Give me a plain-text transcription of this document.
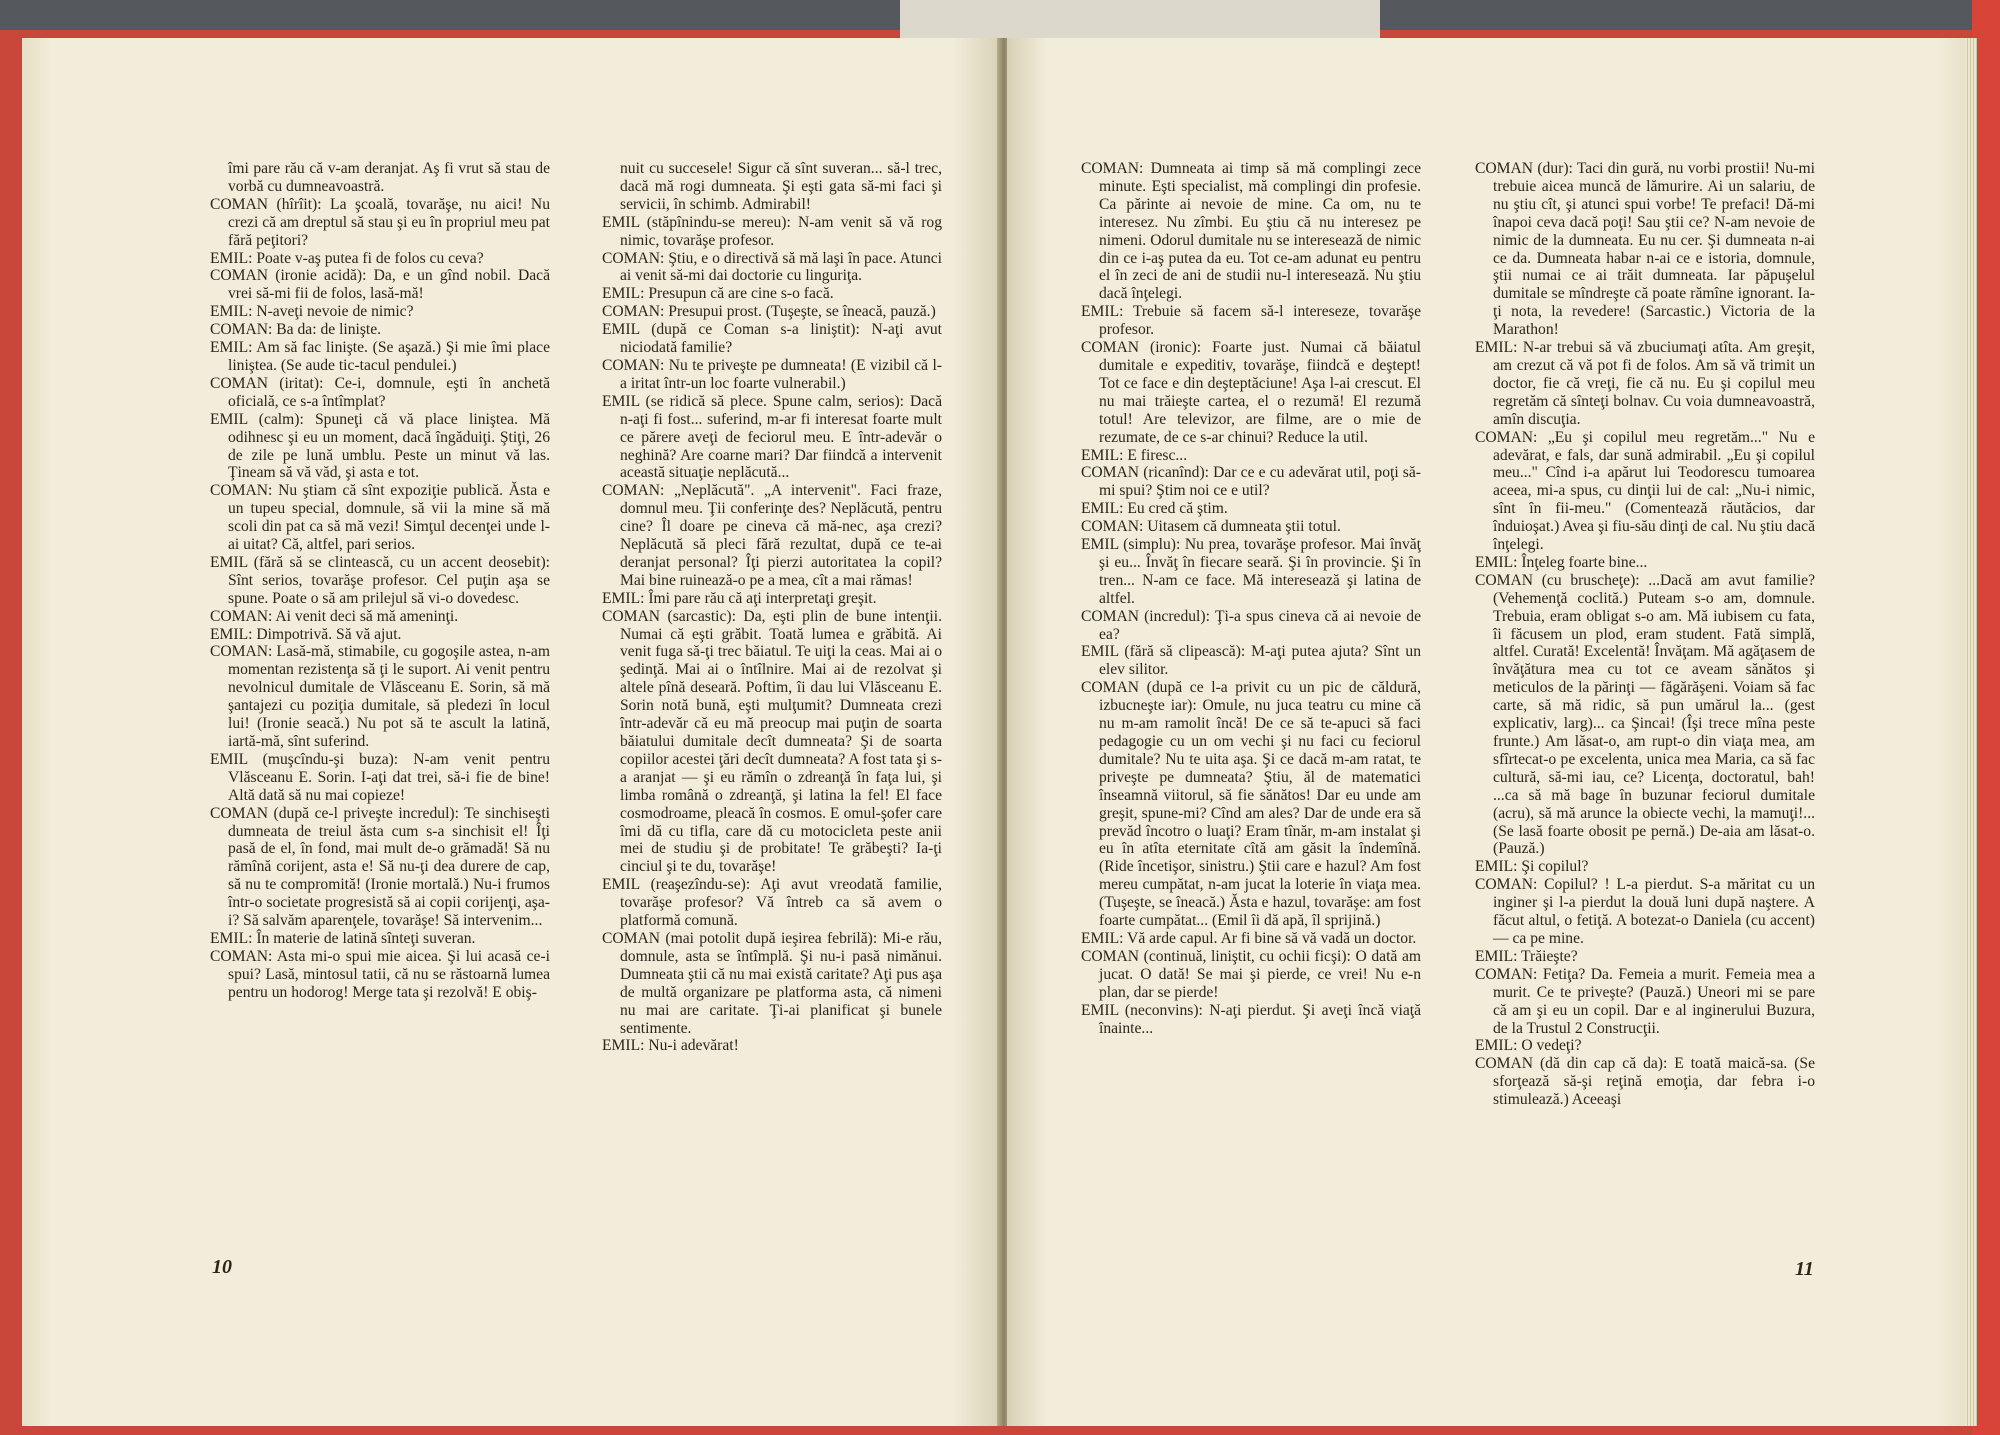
îmi pare rău că v-am deranjat. Aş fi vrut să stau de vorbă cu dumneavoastră.

COMAN (hîrîit): La şcoală, tovarăşe, nu aici! Nu crezi că am dreptul să stau şi eu în propriul meu pat fără peţitori?

EMIL: Poate v-aş putea fi de folos cu ceva?

COMAN (ironie acidă): Da, e un gînd nobil. Dacă vrei să-mi fii de folos, lasă-mă!

EMIL: N-aveţi nevoie de nimic?

COMAN: Ba da: de linişte.

EMIL: Am să fac linişte. (Se aşază.) Şi mie îmi place liniştea. (Se aude tic-tacul pendulei.)

COMAN (iritat): Ce-i, domnule, eşti în anchetă oficială, ce s-a întîmplat?

EMIL (calm): Spuneţi că vă place liniştea. Mă odihnesc şi eu un moment, dacă îngăduiţi. Ştiţi, 26 de zile pe lună umblu. Peste un minut vă las. Ţineam să vă văd, şi asta e tot.

COMAN: Nu ştiam că sînt expoziţie publică. Ăsta e un tupeu special, domnule, să vii la mine să mă scoli din pat ca să mă vezi! Simţul decenţei unde l-ai uitat? Că, altfel, pari serios.

EMIL (fără să se clintească, cu un accent deosebit): Sînt serios, tovarăşe profesor. Cel puţin aşa se spune. Poate o să am prilejul să vi-o dovedesc.

COMAN: Ai venit deci să mă ameninţi.

EMIL: Dimpotrivă. Să vă ajut.

COMAN: Lasă-mă, stimabile, cu gogoşile astea, n-am momentan rezistenţa să ţi le suport. Ai venit pentru nevolnicul dumitale de Vlăsceanu E. Sorin, să mă şantajezi cu poziţia dumitale, să pledezi în locul lui! (Ironie seacă.) Nu pot să te ascult la latină, iartă-mă, sînt suferind.

EMIL (muşcîndu-şi buza): N-am venit pentru Vlăsceanu E. Sorin. I-aţi dat trei, să-i fie de bine! Altă dată să nu mai copieze!

COMAN (după ce-l priveşte incredul): Te sinchiseşti dumneata de treiul ăsta cum s-a sinchisit el! Îţi pasă de el, în fond, mai mult de-o grămadă! Să nu rămînă corijent, asta e! Să nu-ţi dea durere de cap, să nu te compromită! (Ironie mortală.) Nu-i frumos într-o societate progresistă să ai copii corijenţi, aşa-i? Să salvăm aparenţele, tovarăşe! Să intervenim...

EMIL: În materie de latină sînteţi suveran.

COMAN: Asta mi-o spui mie aicea. Şi lui acasă ce-i spui? Lasă, mintosul tatii, că nu se răstoarnă lumea pentru un hodorog! Merge tata şi rezolvă! E obiş-

nuit cu succesele! Sigur că sînt suveran... să-l trec, dacă mă rogi dumneata. Şi eşti gata să-mi faci şi servicii, în schimb. Admirabil!

EMIL (stăpînindu-se mereu): N-am venit să vă rog nimic, tovarăşe profesor.

COMAN: Ştiu, e o directivă să mă laşi în pace. Atunci ai venit să-mi dai doctorie cu linguriţa.

EMIL: Presupun că are cine s-o facă.

COMAN: Presupui prost. (Tuşeşte, se îneacă, pauză.)

EMIL (după ce Coman s-a liniştit): N-aţi avut niciodată familie?

COMAN: Nu te priveşte pe dumneata! (E vizibil că l-a iritat într-un loc foarte vulnerabil.)

EMIL (se ridică să plece. Spune calm, serios): Dacă n-aţi fi fost... suferind, m-ar fi interesat foarte mult ce părere aveţi de feciorul meu. E într-adevăr o neghină? Are coarne mari? Dar fiindcă a intervenit această situaţie neplăcută...

COMAN: „Neplăcută". „A intervenit". Faci fraze, domnul meu. Ţii conferinţe des? Neplăcută, pentru cine? Îl doare pe cineva că mă-nec, aşa crezi? Neplăcută să pleci fără rezultat, după ce te-ai deranjat personal? Îţi pierzi autoritatea la copil? Mai bine ruinează-o pe a mea, cît a mai rămas!

EMIL: Îmi pare rău că aţi interpretaţi greşit.

COMAN (sarcastic): Da, eşti plin de bune intenţii. Numai că eşti grăbit. Toată lumea e grăbită. Ai venit fuga să-ţi trec băiatul. Te uiţi la ceas. Mai ai o şedinţă. Mai ai o întîlnire. Mai ai de rezolvat şi altele pînă deseară. Poftim, îi dau lui Vlăsceanu E. Sorin notă bună, eşti mulţumit? Dumneata crezi într-adevăr că eu mă preocup mai puţin de soarta băiatului dumitale decît dumneata? Şi de soarta copiilor acestei ţări decît dumneata? A fost tata şi s-a aranjat — şi eu rămîn o zdreanţă în faţa lui, şi limba română o zdreanţă, şi latina la fel! El face cosmodroame, pleacă în cosmos. E omul-şofer care îmi dă cu tifla, care dă cu motocicleta peste anii mei de studiu şi de probitate! Te grăbeşti? Ia-ţi cinciul şi te du, tovarăşe!

EMIL (reaşezîndu-se): Aţi avut vreodată familie, tovarăşe profesor? Vă întreb ca să avem o platformă comună.

COMAN (mai potolit după ieşirea febrilă): Mi-e rău, domnule, asta se întîmplă. Şi nu-i pasă nimănui. Dumneata ştii că nu mai există caritate? Aţi pus aşa de multă organizare pe platforma asta, că nimeni nu mai are caritate. Ţi-ai planificat şi bunele sentimente.

EMIL: Nu-i adevărat!

10

COMAN: Dumneata ai timp să mă complingi zece minute. Eşti specialist, mă complingi din profesie. Ca părinte ai nevoie de mine. Ca om, nu te interesez. Nu zîmbi. Eu ştiu că nu interesez pe nimeni. Odorul dumitale nu se interesează de nimic din ce i-aş putea da eu. Tot ce-am adunat eu pentru el în zeci de ani de studii nu-l interesează. Nu ştiu dacă înţelegi.

EMIL: Trebuie să facem să-l intereseze, tovarăşe profesor.

COMAN (ironic): Foarte just. Numai că băiatul dumitale e expeditiv, tovarăşe, fiindcă e deştept! Tot ce face e din deşteptăciune! Aşa l-ai crescut. El nu mai trăieşte cartea, el o rezumă! El rezumă totul! Are televizor, are filme, are o mie de rezumate, de ce s-ar chinui? Reduce la util.

EMIL: E firesc...

COMAN (ricanînd): Dar ce e cu adevărat util, poţi să-mi spui? Ştim noi ce e util?

EMIL: Eu cred că ştim.

COMAN: Uitasem că dumneata ştii totul.

EMIL (simplu): Nu prea, tovarăşe profesor. Mai învăţ şi eu... Învăţ în fiecare seară. Şi în provincie. Şi în tren... N-am ce face. Mă interesează şi latina de altfel.

COMAN (incredul): Ţi-a spus cineva că ai nevoie de ea?

EMIL (fără să clipească): M-aţi putea ajuta? Sînt un elev silitor.

COMAN (după ce l-a privit cu un pic de căldură, izbucneşte iar): Omule, nu juca teatru cu mine că nu m-am ramolit încă! De ce să te-apuci să faci pedagogie cu un om vechi şi nu faci cu feciorul dumitale? Nu te uita aşa. Şi ce dacă m-am ratat, te priveşte pe dumneata? Ştiu, ăl de matematici înseamnă viitorul, să fie sănătos! Dar eu unde am greşit, spune-mi? Cînd am ales? Dar de unde era să prevăd încotro o luaţi? Eram tînăr, m-am instalat şi eu în atîta eternitate cîtă am găsit la îndemînă. (Ride încetişor, sinistru.) Ştii care e hazul? Am fost mereu cumpătat, n-am jucat la loterie în viaţa mea. (Tuşeşte, se îneacă.) Ăsta e hazul, tovarăşe: am fost foarte cumpătat... (Emil îi dă apă, îl sprijină.)

EMIL: Vă arde capul. Ar fi bine să vă vadă un doctor.

COMAN (continuă, liniştit, cu ochii ficşi): O dată am jucat. O dată! Se mai şi pierde, ce vrei! Nu e-n plan, dar se pierde!

EMIL (neconvins): N-aţi pierdut. Şi aveţi încă viaţă înainte...

COMAN (dur): Taci din gură, nu vorbi prostii! Nu-mi trebuie aicea muncă de lămurire. Ai un salariu, de nu ştiu cît, şi atunci spui vorbe! Te prefaci! Dă-mi înapoi ceva dacă poţi! Sau ştii ce? N-am nevoie de nimic de la dumneata. Eu nu cer. Şi dumneata n-ai ce da. Dumneata habar n-ai ce e istoria, domnule, ştii numai ce ai trăit dumneata. Iar păpuşelul dumitale se mîndreşte că poate rămîne ignorant. Ia-ţi nota, la revedere! (Sarcastic.) Victoria de la Marathon!

EMIL: N-ar trebui să vă zbuciumaţi atîta. Am greşit, am crezut că vă pot fi de folos. Am să vă trimit un doctor, fie că vreţi, fie că nu. Eu şi copilul meu regretăm că sînteţi bolnav. Cu voia dumneavoastră, amîn discuţia.

COMAN: „Eu şi copilul meu regretăm..." Nu e adevărat, e fals, dar sună admirabil. „Eu şi copilul meu..." Cînd i-a apărut lui Teodorescu tumoarea aceea, mi-a spus, cu dinţii lui de cal: „Nu-i nimic, sînt în fii-meu." (Comentează răutăcios, dar înduioşat.) Avea şi fiu-său dinţi de cal. Nu ştiu dacă înţelegi.

EMIL: Înţeleg foarte bine...

COMAN (cu bruscheţe): ...Dacă am avut familie? (Vehemenţă coclită.) Puteam s-o am, domnule. Trebuia, eram obligat s-o am. Mă iubisem cu fata, îi făcusem un plod, eram student. Fată simplă, altfel. Curată! Excelentă! Învăţam. Mă agăţasem de învăţătura mea cu tot ce aveam sănătos şi meticulos de la părinţi — făgărăşeni. Voiam să fac carte, să mă ridic, să pun umărul la... (gest explicativ, larg)... ca Şincai! (Îşi trece mîna peste frunte.) Am lăsat-o, am rupt-o din viaţa mea, am sfîrtecat-o pe excelenta, unica mea Maria, ca să fac cultură, să-mi iau, ce? Licenţa, doctoratul, bah! ...ca să mă bage în buzunar feciorul dumitale (acru), să mă arunce la obiecte vechi, la mamuţi!... (Se lasă foarte obosit pe pernă.) De-aia am lăsat-o. (Pauză.)

EMIL: Şi copilul?

COMAN: Copilul? ! L-a pierdut. S-a măritat cu un inginer şi l-a pierdut la două luni după naştere. A făcut altul, o fetiţă. A botezat-o Daniela (cu accent) — ca pe mine.

EMIL: Trăieşte?

COMAN: Fetiţa? Da. Femeia a murit. Femeia mea a murit. Ce te priveşte? (Pauză.) Uneori mi se pare că am şi eu un copil. Dar e al inginerului Buzura, de la Trustul 2 Construcţii.

EMIL: O vedeţi?

COMAN (dă din cap că da): E toată maică-sa. (Se sforţează să-şi reţină emoţia, dar febra i-o stimulează.) Aceeaşi

11
